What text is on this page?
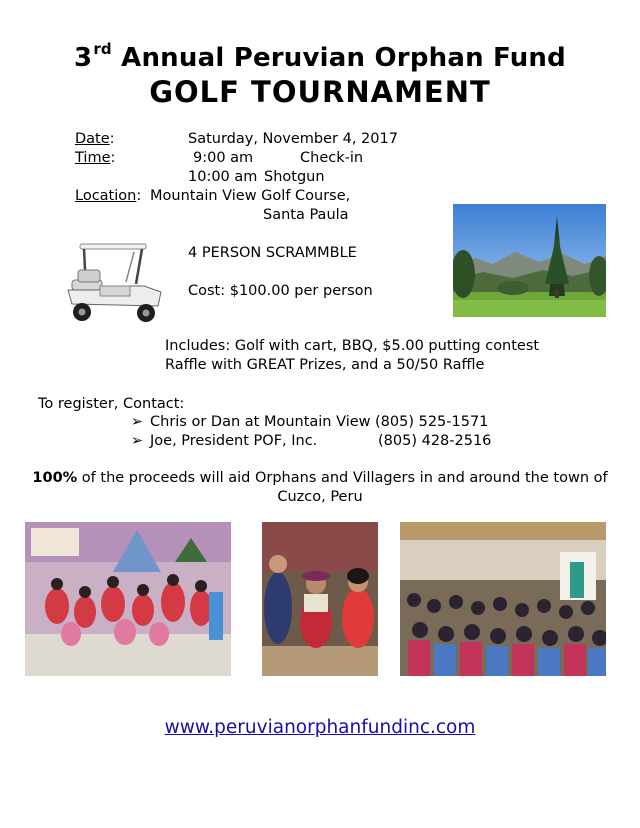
3rd Annual Peruvian Orphan Fund
GOLF TOURNAMENT
Date:	Saturday, November 4, 2017
Time:	9:00 am	Check-in
10:00 am Shotgun
Location: Mountain View Golf Course,
Santa Paula
4 PERSON SCRAMMBLE
Cost: $100.00 per person
Includes: Golf with cart, BBQ, $5.00 putting contest
Raffle with GREAT Prizes, and a 50/50 Raffle
To register, Contact:
➢ Chris or Dan at Mountain View (805) 525-1571
➢ Joe, President POF, Inc.	(805) 428-2516
100% of the proceeds will aid Orphans and Villagers in and around the town of
Cuzco, Peru
www.peruvianorphanfundinc.com
